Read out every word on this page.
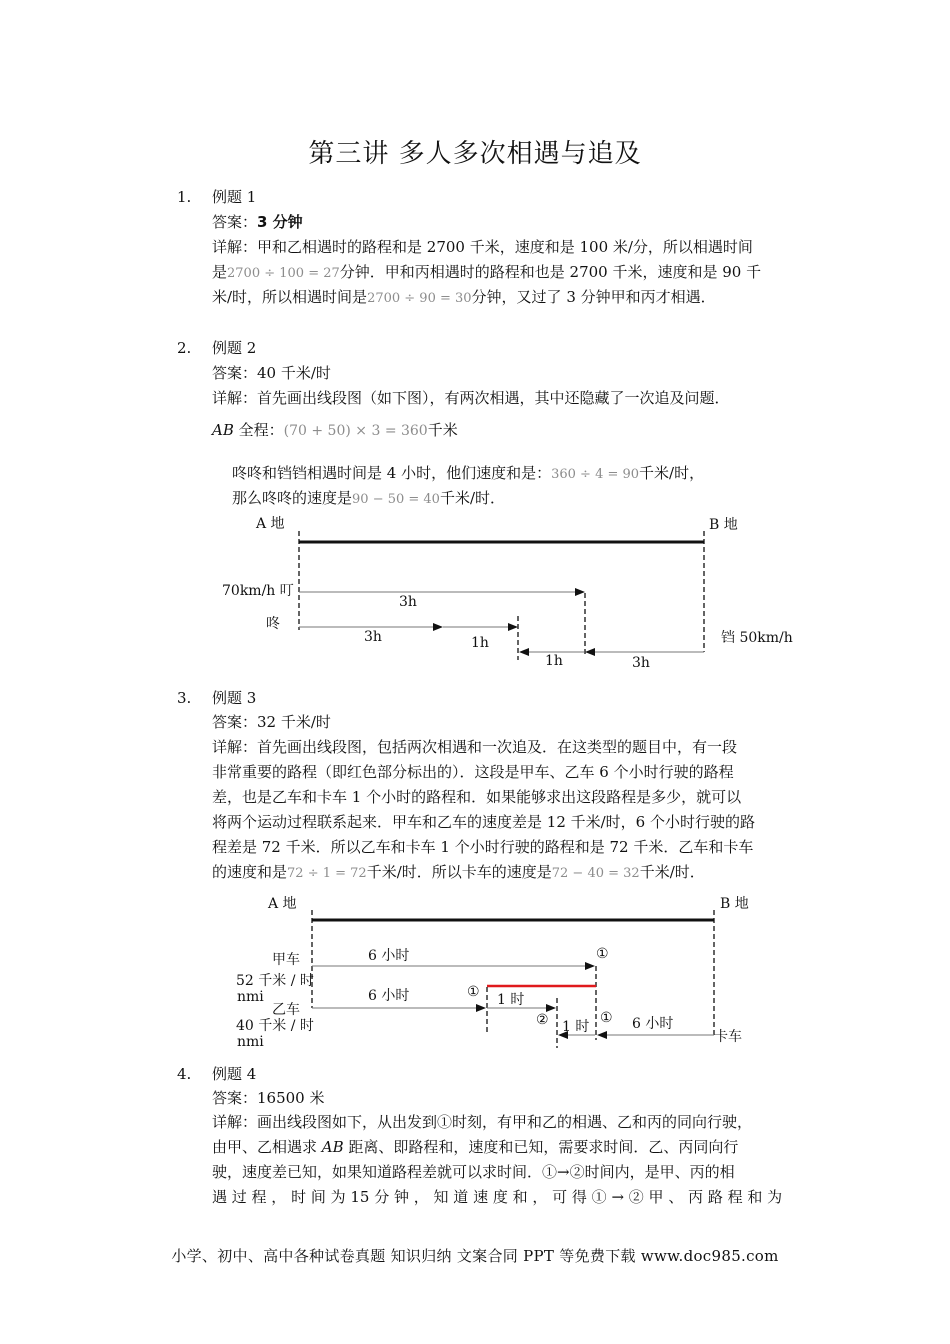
第三讲 多人多次相遇与追及
1. 例题 1
答案：3 分钟
详解：甲和乙相遇时的路程和是 2700 千米，速度和是 100 米/分，所以相遇时间
是2700 ÷ 100 = 27分钟．甲和丙相遇时的路程和也是 2700 千米，速度和是 90 千
米/时，所以相遇时间是2700 ÷ 90 = 30分钟，又过了 3 分钟甲和丙才相遇．
2. 例题 2
答案：40 千米/时
详解：首先画出线段图（如下图），有两次相遇，其中还隐藏了一次追及问题．
AB 全程：(70 + 50) × 3 = 360千米
咚咚和铛铛相遇时间是 4 小时，他们速度和是：360 ÷ 4 = 90千米/时，
那么咚咚的速度是90 − 50 = 40千米/时．
A 地	B 地
70km/h 叮
咚
铛 50km/h
3h
3h	1h
1h	3h
3. 例题 3
答案：32 千米/时
详解：首先画出线段图，包括两次相遇和一次追及．在这类型的题目中，有一段
非常重要的路程（即红色部分标出的）．这段是甲车、乙车 6 个小时行驶的路程
差，也是乙车和卡车 1 个小时的路程和．如果能够求出这段路程是多少，就可以
将两个运动过程联系起来．甲车和乙车的速度差是 12 千米/时，6 个小时行驶的路
程差是 72 千米．所以乙车和卡车 1 个小时行驶的路程和是 72 千米．乙车和卡车
的速度和是72 ÷ 1 = 72千米/时．所以卡车的速度是72 − 40 = 32千米/时．
A 地	B 地
甲车
52 千米 / 时
nmi
乙车
40 千米 / 时
nmi	卡车
6 小时
6 小时
6 小时
1 时
1 时
①
①
①
②
4. 例题 4
答案：16500 米
详解：画出线段图如下，从出发到①时刻，有甲和乙的相遇、乙和丙的同向行驶，
由甲、乙相遇求 AB 距离、即路程和，速度和已知，需要求时间．乙、丙同向行
驶，速度差已知，如果知道路程差就可以求时间．①→②时间内，是甲、丙的相
遇 过 程 ， 时 间 为 15 分 钟 ， 知 道 速 度 和 ， 可 得 ① → ② 甲 、 丙 路 程 和 为
小学、初中、高中各种试卷真题 知识归纳 文案合同 PPT 等免费下载 www.doc985.com
